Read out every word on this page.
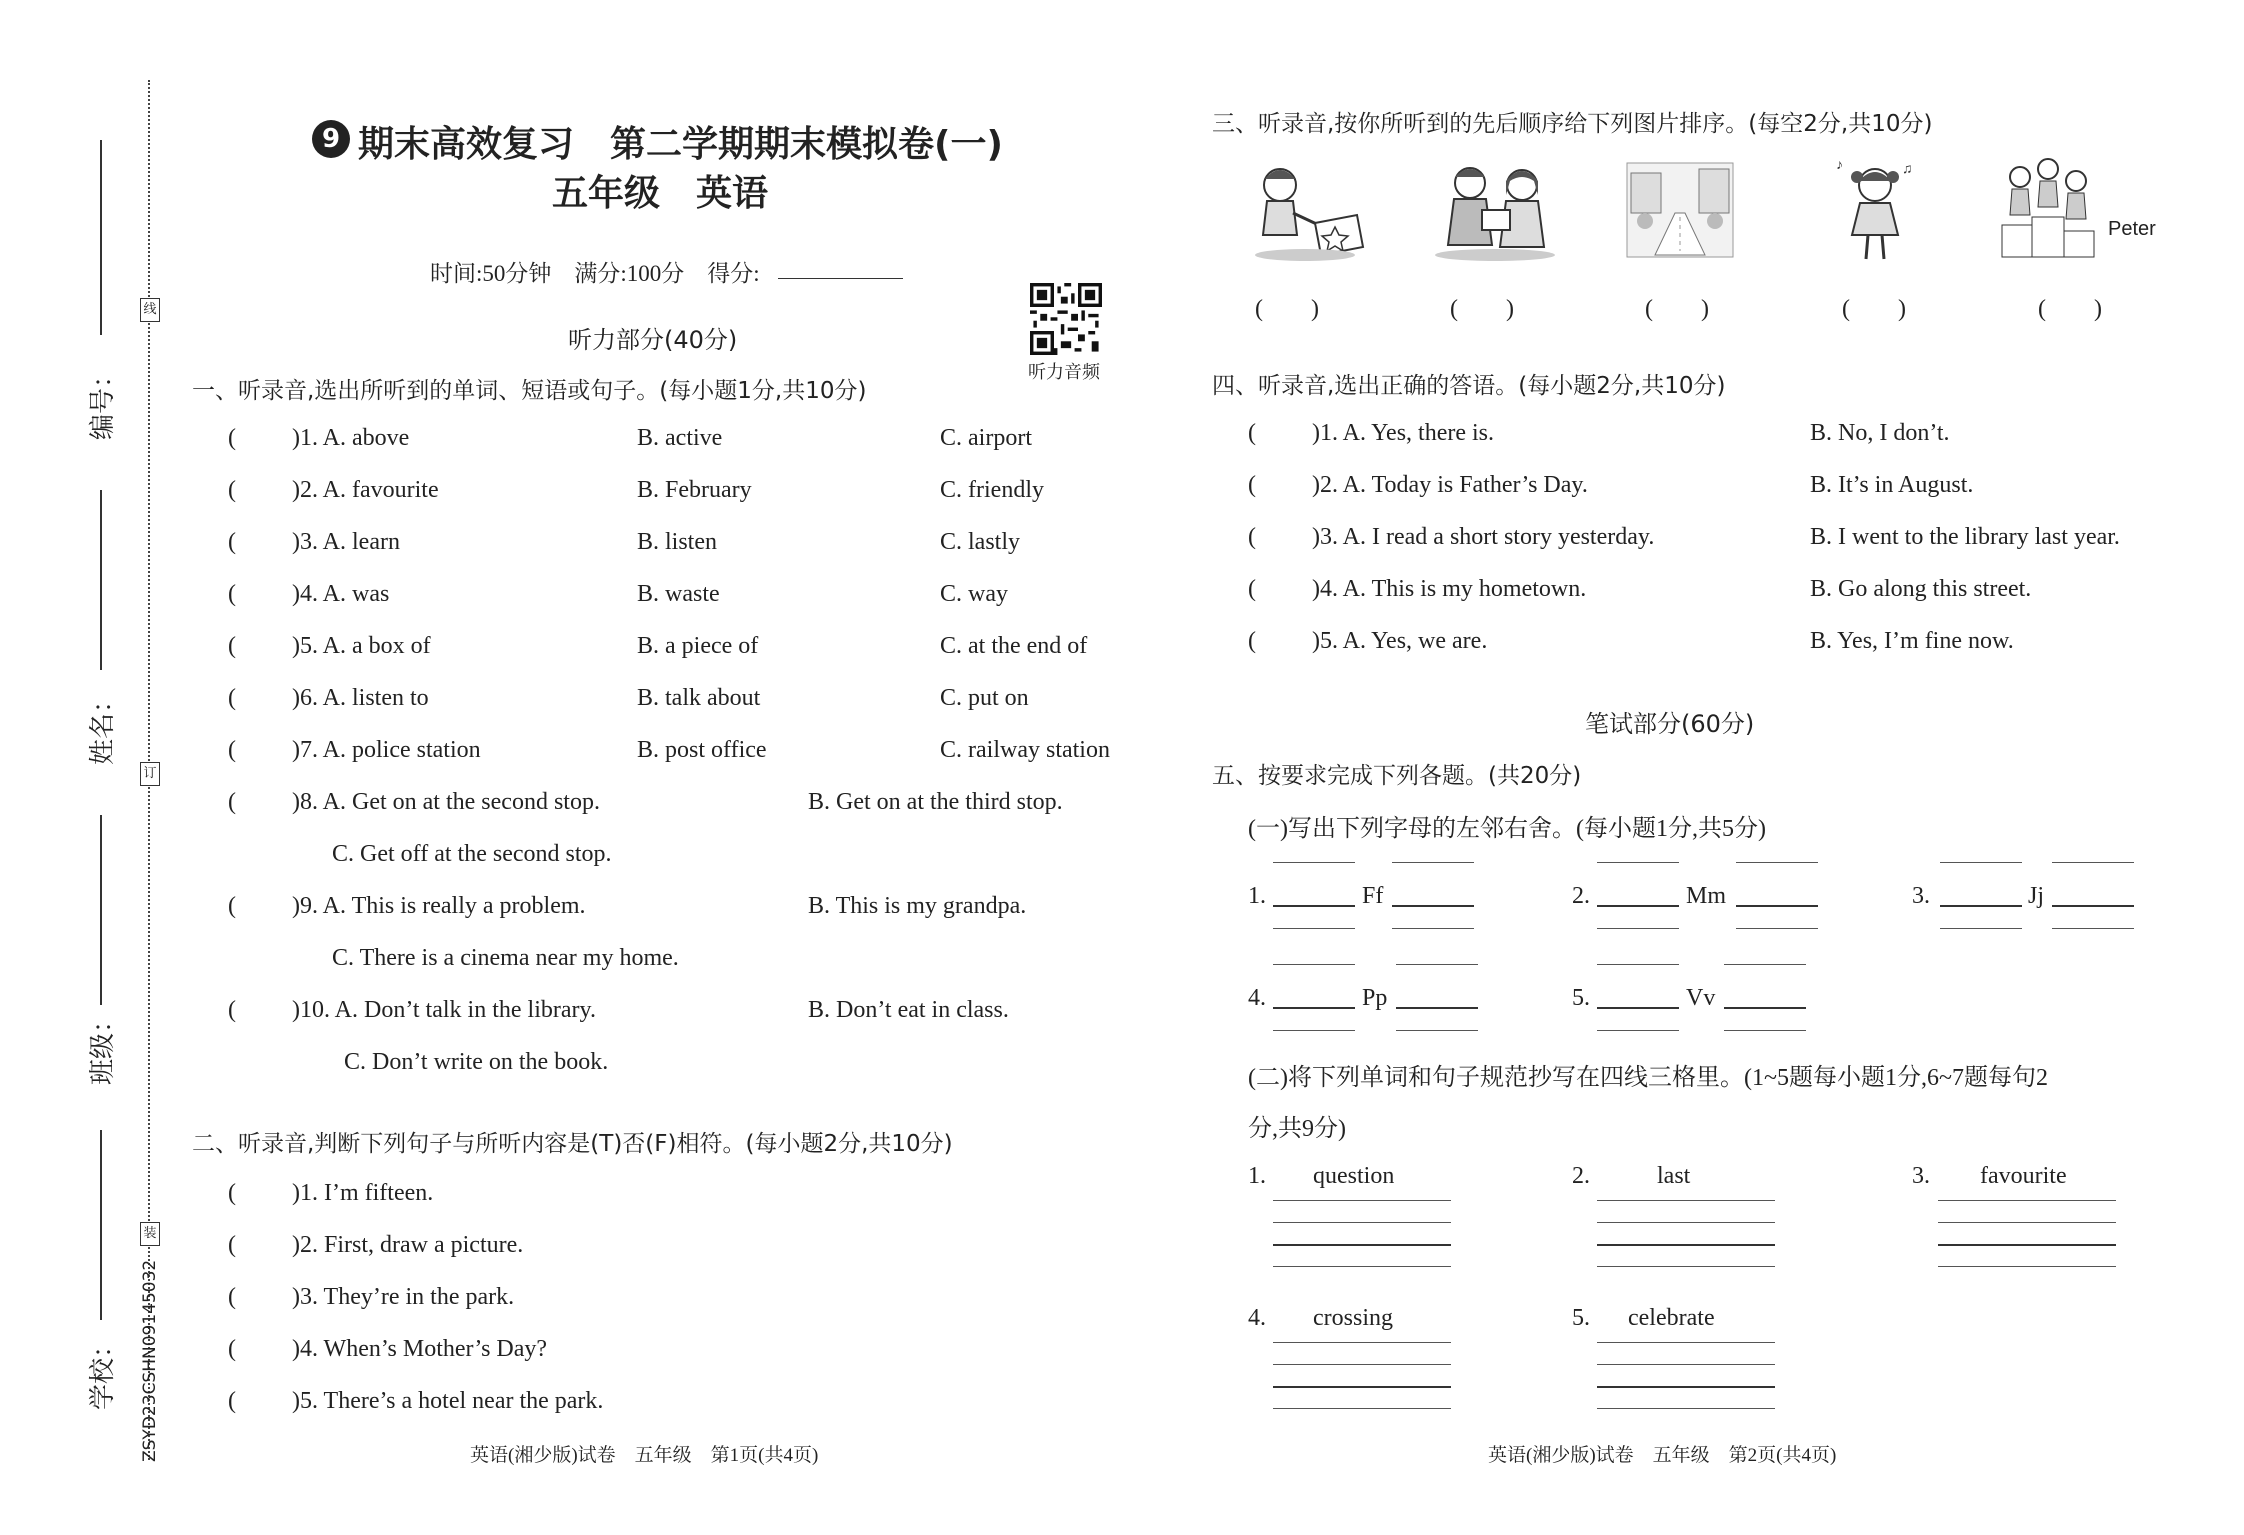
线
订
装
编号：
姓名：
班级：
学校： ZSYD23CSHN09145032
9 期末高效复习　第二学期期末模拟卷(一)
五年级　英语
时间:50分钟　满分:100分　得分:
听力音频
听力部分(40分)
一、听录音,选出所听到的单词、短语或句子。(每小题1分,共10分)
( )1. A. above	B. active	C. airport
( )2. A. favourite	B. February	C. friendly
( )3. A. learn	B. listen	C. lastly
( )4. A. was	B. waste	C. way
( )5. A. a box of	B. a piece of	C. at the end of
( )6. A. listen to	B. talk about	C. put on
( )7. A. police station	B. post office	C. railway station
( )8. A. Get on at the second stop.	B. Get on at the third stop.
C. Get off at the second stop.
( )9. A. This is really a problem.	B. This is my grandpa.
C. There is a cinema near my home.
( )10. A. Don’t talk in the library.	B. Don’t eat in class.
C. Don’t write on the book.
二、听录音,判断下列句子与所听内容是(T)否(F)相符。(每小题2分,共10分)
( )1. I’m fifteen.
( )2. First, draw a picture.
( )3. They’re in the park.
( )4. When’s Mother’s Day?
( )5. There’s a hotel near the park.
英语(湘少版)试卷　五年级　第1页(共4页)
三、听录音,按你所听到的先后顺序给下列图片排序。(每空2分,共10分)
♪	♫
Peter
(　　)	(　　)	(　　)	(　　)	(　　)
四、听录音,选出正确的答语。(每小题2分,共10分)
( )1. A. Yes, there is.	B. No, I don’t.
( )2. A. Today is Father’s Day.	B. It’s in August.
( )3. A. I read a short story yesterday.	B. I went to the library last year.
( )4. A. This is my hometown.	B. Go along this street.
( )5. A. Yes, we are.	B. Yes, I’m fine now.
笔试部分(60分)
五、按要求完成下列各题。(共20分)
(一)写出下列字母的左邻右舍。(每小题1分,共5分)
1.	Ff	2.	Mm	3.	Jj
4.	Pp	5.	Vv
(二)将下列单词和句子规范抄写在四线三格里。(1~5题每小题1分,6~7题每句2
分,共9分)
1. question	2.	last	3. favourite
4. crossing	5. celebrate
英语(湘少版)试卷　五年级　第2页(共4页)
